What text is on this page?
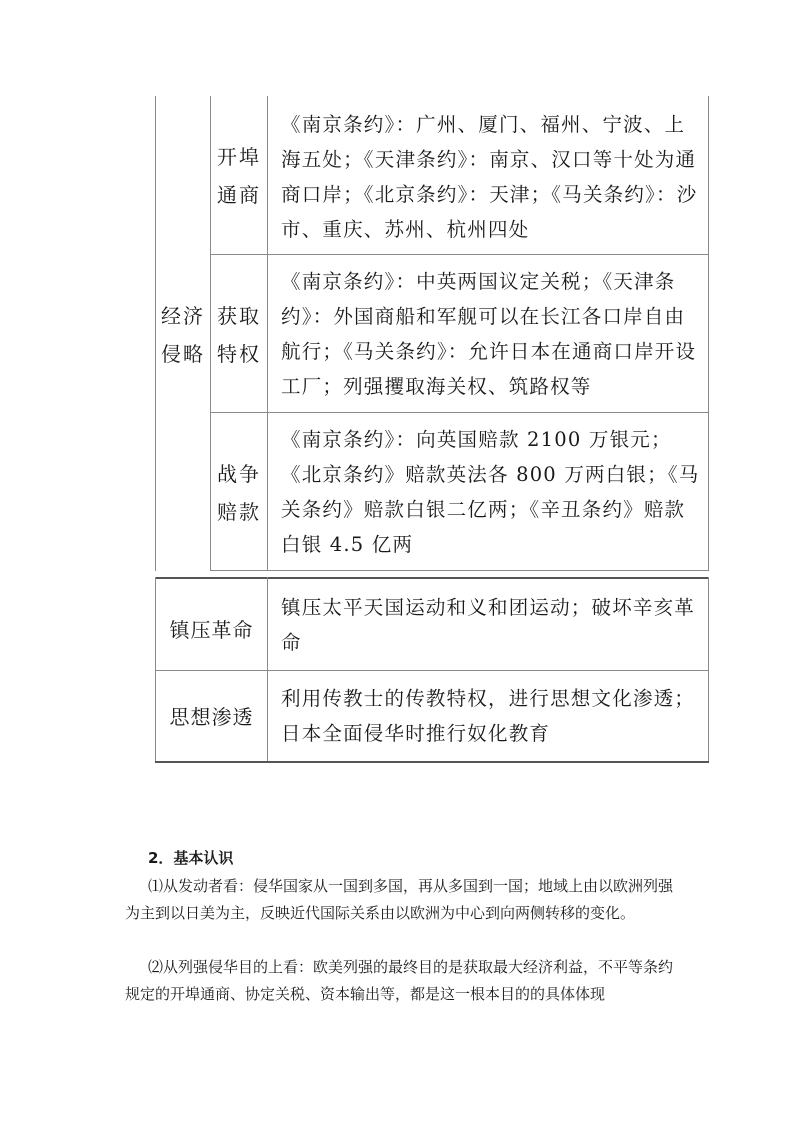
经济侵略
开埠通商
《南京条约》：广州、厦门、福州、宁波、上海五处；《天津条约》：南京、汉口等十处为通商口岸；《北京条约》：天津；《马关条约》：沙市、重庆、苏州、杭州四处
获取特权
《南京条约》：中英两国议定关税；《天津条约》：外国商船和军舰可以在长江各口岸自由航行；《马关条约》：允许日本在通商口岸开设工厂；列强攫取海关权、筑路权等
战争赔款
《南京条约》：向英国赔款 2100 万银元；《北京条约》赔款英法各 800 万两白银；《马关条约》赔款白银二亿两；《辛丑条约》赔款白银 4.5 亿两
镇压革命
镇压太平天国运动和义和团运动；破坏辛亥革命
思想渗透
利用传教士的传教特权，进行思想文化渗透；日本全面侵华时推行奴化教育
2．基本认识
⑴从发动者看：侵华国家从一国到多国，再从多国到一国；地域上由以欧洲列强为主到以日美为主，反映近代国际关系由以欧洲为中心到向两侧转移的变化。
⑵从列强侵华目的上看：欧美列强的最终目的是获取最大经济利益，不平等条约规定的开埠通商、协定关税、资本输出等，都是这一根本目的的具体体现
